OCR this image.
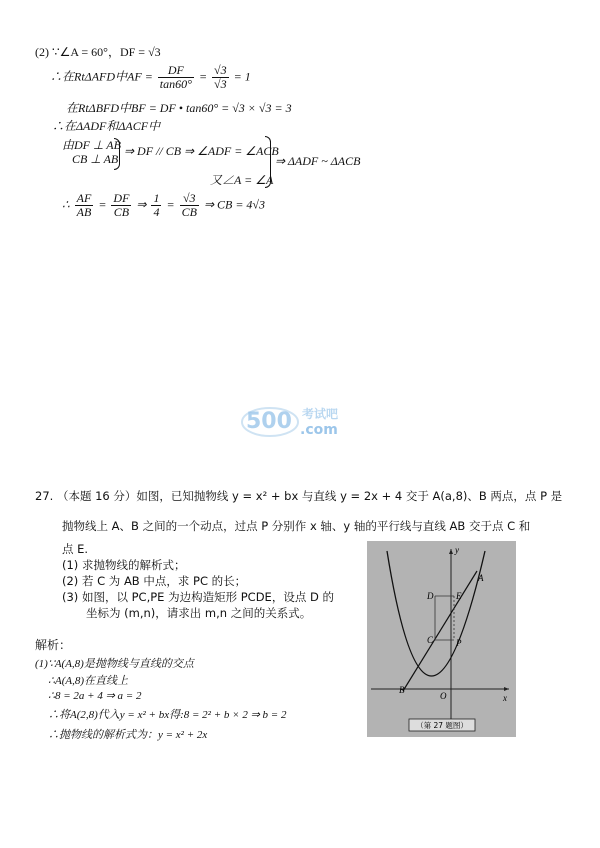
(2) ∵∠A = 60°，DF = √3
∴在RtΔAFD中AF = $\frac{DF}{\tan 60^\circ} = \frac{√3}{√3} = 1$
在RtΔBFD中BF = DF • tan60° = √3 × √3 = 3
∴在ΔADF和ΔACF中
由DF ⊥ AB
CB ⊥ AB
⇒ DF // CB ⇒ ∠ADF = ∠ACB
又∠A = ∠A
⇒ ΔADF ~ ΔACB
∴ $\frac{AF}{AB} = \frac{DF}{CB}$ ⇒ $\frac{1}{4} = \frac{√3}{CB}$ ⇒ CB = 4√3
500 考试吧
.com
27. （本题 16 分）如图，已知抛物线 y = x² + bx 与直线 y = 2x + 4 交于 A(a,8)、B 两点，点 P 是
抛物线上 A、B 之间的一个动点，过点 P 分别作 x 轴、y 轴的平行线与直线 AB 交于点 C 和
点 E.
(1) 求抛物线的解析式；
(2) 若 C 为 AB 中点，求 PC 的长；
(3) 如图，以 PC,PE 为边构造矩形 PCDE，设点 D 的
坐标为 (m,n)，请求出 m,n 之间的关系式。
解析：
(1)∵A(A,8)是抛物线与直线的交点
∴A(A,8)在直线上
∴8 = 2a + 4 ⇒ a = 2
∴将A(2,8)代入y = x² + bx得:8 = 2² + b × 2 ⇒ b = 2
∴抛物线的解析式为：y = x² + 2x
y
x
A
D	E
C	P
B
O
（第 27 题图）
